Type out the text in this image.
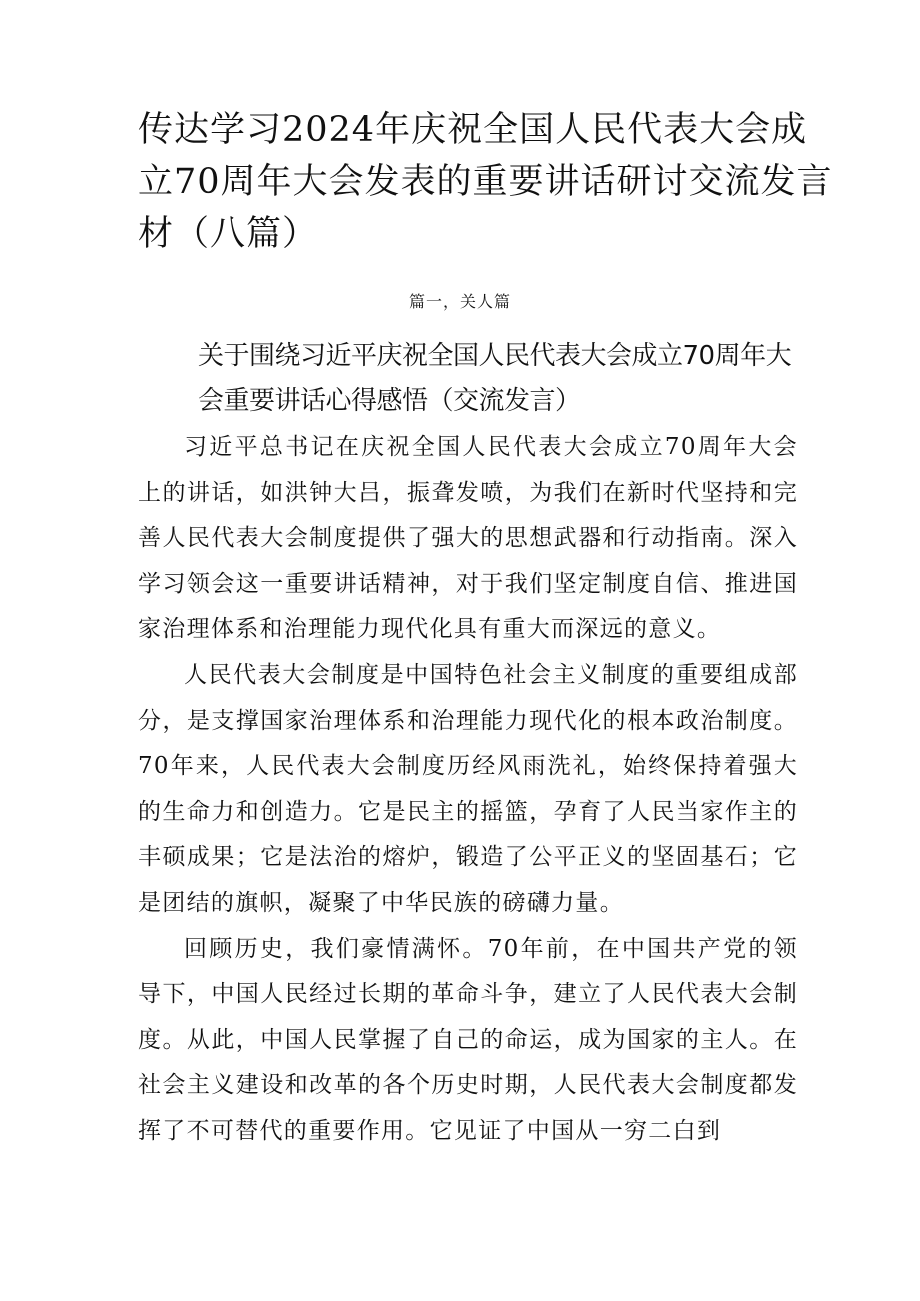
传达学习2024年庆祝全国人民代表大会成立70周年大会发表的重要讲话研讨交流发言材（八篇）
篇一，关人篇
关于围绕习近平庆祝全国人民代表大会成立70周年大会重要讲话心得感悟（交流发言）

习近平总书记在庆祝全国人民代表大会成立70周年大会上的讲话，如洪钟大吕，振聋发喷，为我们在新时代坚持和完善人民代表大会制度提供了强大的思想武器和行动指南。深入学习领会这一重要讲话精神，对于我们坚定制度自信、推进国家治理体系和治理能力现代化具有重大而深远的意义。

人民代表大会制度是中国特色社会主义制度的重要组成部分，是支撑国家治理体系和治理能力现代化的根本政治制度。70年来，人民代表大会制度历经风雨洗礼，始终保持着强大的生命力和创造力。它是民主的摇篮，孕育了人民当家作主的丰硕成果；它是法治的熔炉，锻造了公平正义的坚固基石；它是团结的旗帜，凝聚了中华民族的磅礴力量。

回顾历史，我们豪情满怀。70年前，在中国共产党的领导下，中国人民经过长期的革命斗争，建立了人民代表大会制度。从此，中国人民掌握了自己的命运，成为国家的主人。在社会主义建设和改革的各个历史时期，人民代表大会制度都发挥了不可替代的重要作用。它见证了中国从一穷二白到
